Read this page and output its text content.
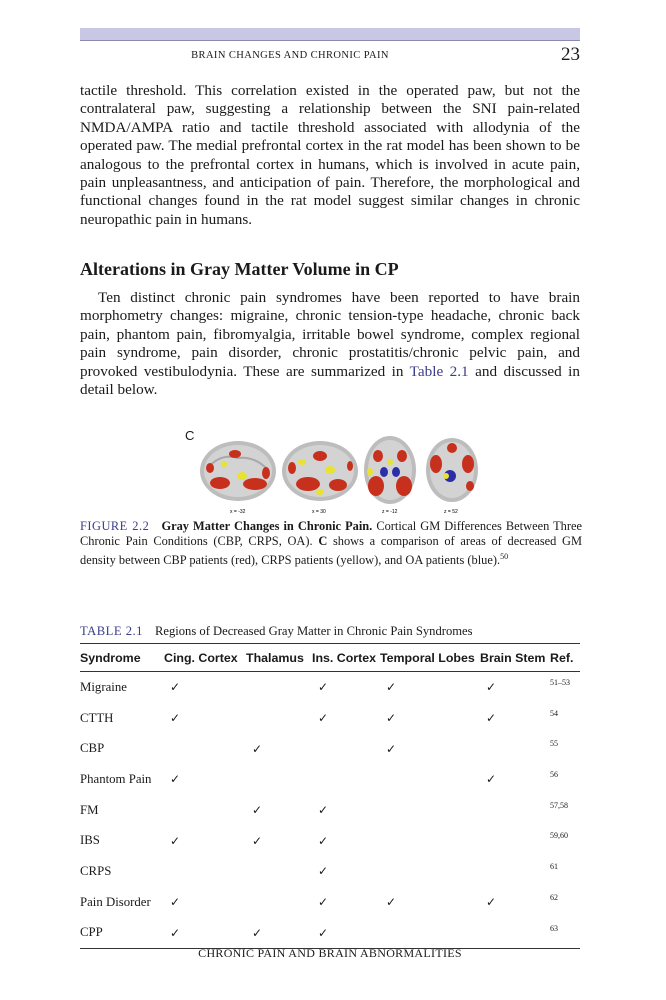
BRAIN CHANGES AND CHRONIC PAIN	23

tactile threshold. This correlation existed in the operated paw, but not the contralateral paw, suggesting a relationship between the SNI pain-related NMDA/AMPA ratio and tactile threshold associated with allodynia of the operated paw. The medial prefrontal cortex in the rat model has been shown to be analogous to the prefrontal cortex in humans, which is involved in acute pain, pain unpleasantness, and anticipation of pain. Therefore, the morphological and functional changes found in the rat model suggest similar changes in chronic neuropathic pain in humans.

Alterations in Gray Matter Volume in CP

Ten distinct chronic pain syndromes have been reported to have brain morphometry changes: migraine, chronic tension-type headache, chronic back pain, phantom pain, fibromyalgia, irritable bowel syndrome, complex regional pain syndrome, pain disorder, chronic prostatitis/chronic pelvic pain, and provoked vestibulodynia. These are summarized in Table 2.1 and discussed in detail below.

C
x = -32	x = 30	z = -12	z = 52

FIGURE 2.2 Gray Matter Changes in Chronic Pain. Cortical GM Differences Between Three Chronic Pain Conditions (CBP, CRPS, OA). C shows a comparison of areas of decreased GM density between CBP patients (red), CRPS patients (yellow), and OA patients (blue).$^{50}$

TABLE 2.1 Regions of Decreased Gray Matter in Chronic Pain Syndromes

Syndrome	Cing. Cortex	Thalamus	Ins. Cortex	Temporal Lobes	Brain Stem	Ref.
Migraine	✓		✓	✓	✓	51–53
CTTH	✓		✓	✓	✓	54
CBP		✓		✓		55
Phantom Pain	✓				✓	56
FM		✓	✓			57,58
IBS	✓	✓	✓			59,60
CRPS			✓			61
Pain Disorder	✓		✓	✓	✓	62
CPP	✓	✓	✓			63
CHRONIC PAIN AND BRAIN ABNORMALITIES
